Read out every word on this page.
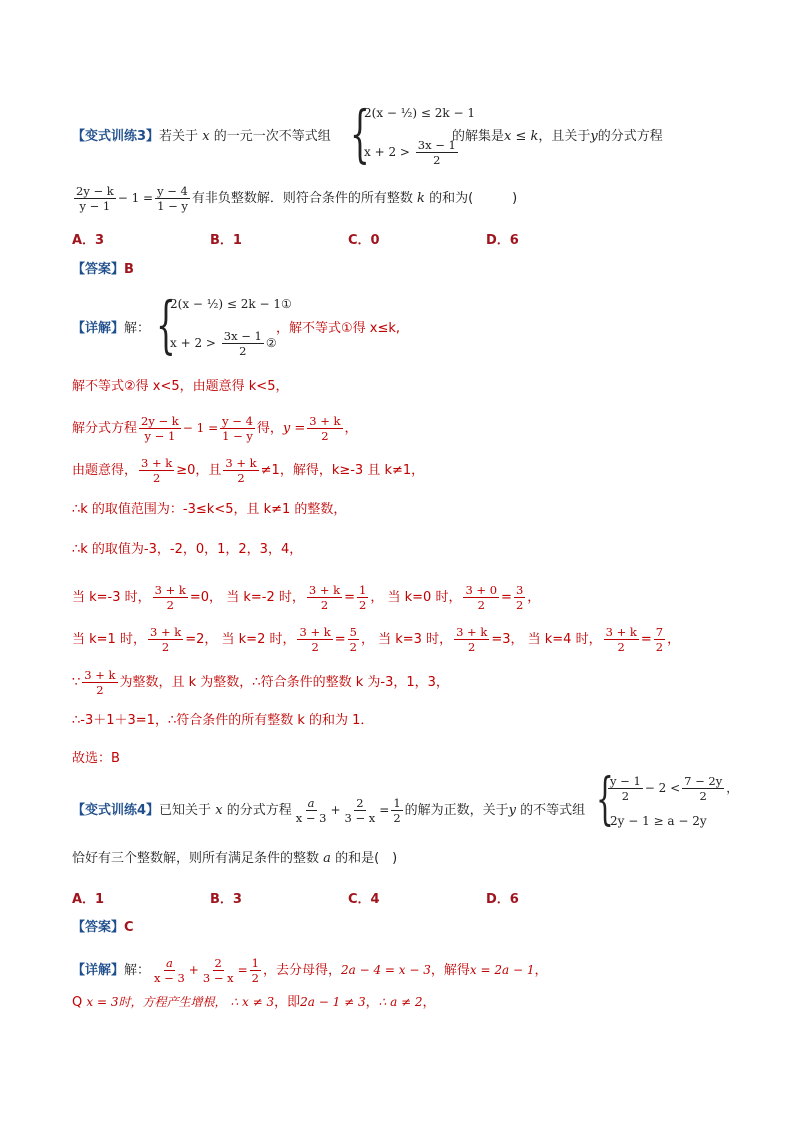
【变式训练3】若关于 x 的一元一次不等式组 {
2(x − ½) ≤ 2k − 1
$x + 2 > \frac{3x - 1}{2}$
的解集是x ≤ k，且关于y的分式方程
$\frac{2y - k}{y - 1} - 1 = \frac{y - 4}{1 - y}$ 有非负整数解．则符合条件的所有整数 k 的和为(　　　)
A．3	B．1	C．0	D．6
【答案】B
【详解】解： {
2(x − ½) ≤ 2k − 1①
$x + 2 > \frac{3x - 1}{2}$ ②
，解不等式①得 x≤k,
解不等式②得 x<5，由题意得 k<5，
解分式方程 $\frac{2y - k}{y - 1} - 1 = \frac{y - 4}{1 - y}$ 得，$y = \frac{3 + k}{2}$ ，
由题意得， $\frac{3 + k}{2} \ge 0$，且 $\frac{3 + k}{2} \ne 1$，解得，k≥-3 且 k≠1，
∴k 的取值范围为：-3≤k<5，且 k≠1 的整数，
∴k 的取值为-3，-2，0，1，2，3，4，
当 k=-3 时， $\frac{3 + k}{2} =0$， 当 k=-2 时， $\frac{3 + k}{2} = \frac{1}{2}$ ， 当 k=0 时， $\frac{3 + 0}{2} = \frac{3}{2}$ ，
当 k=1 时， $\frac{3 + k}{2} =2$， 当 k=2 时， $\frac{3 + k}{2} = \frac{5}{2}$ ， 当 k=3 时， $\frac{3 + k}{2} =3$， 当 k=4 时， $\frac{3 + k}{2} = \frac{7}{2}$ ，
∵ $\frac{3 + k}{2}$ 为整数，且 k 为整数，∴符合条件的整数 k 为-3，1，3，
∴-3＋1＋3=1，∴符合条件的所有整数 k 的和为 1．
故选：B
【变式训练4】已知关于 x 的分式方程 $\frac{a}{x - 3} + \frac{2}{3 - x} = \frac{1}{2}$ 的解为正数，关于y 的不等式组 {
$\frac{y - 1}{2} - 2 < \frac{7 - 2y}{2}$ ，
2y − 1 ≥ a − 2y
恰好有三个整数解，则所有满足条件的整数 a 的和是(　)
A．1	B．3	C．4	D．6
【答案】C
【详解】解： $\frac{a}{x - 3} + \frac{2}{3 - x} = \frac{1}{2}$ ，去分母得，2a − 4 = x − 3，解得x = 2a − 1，
Q x = 3时，方程产生增根， ∴ x ≠ 3，即2a − 1 ≠ 3，∴ a ≠ 2，
